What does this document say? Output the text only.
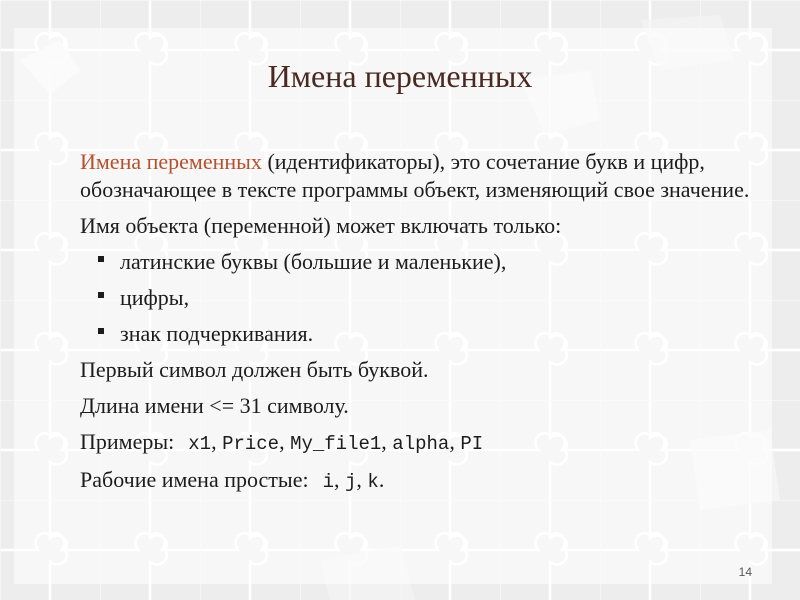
Имена переменных

Имена переменных (идентификаторы), это сочетание букв и цифр, обозначающее в тексте программы объект, изменяющий свое значение.

Имя объекта (переменной) может включать только:

латинские буквы (большие и маленькие),
цифры,
знак подчеркивания.

Первый символ должен быть буквой.

Длина имени <= 31 символу.

Примеры: x1, Price, My_file1, alpha, PI

Рабочие имена простые: i, j, k.

14
